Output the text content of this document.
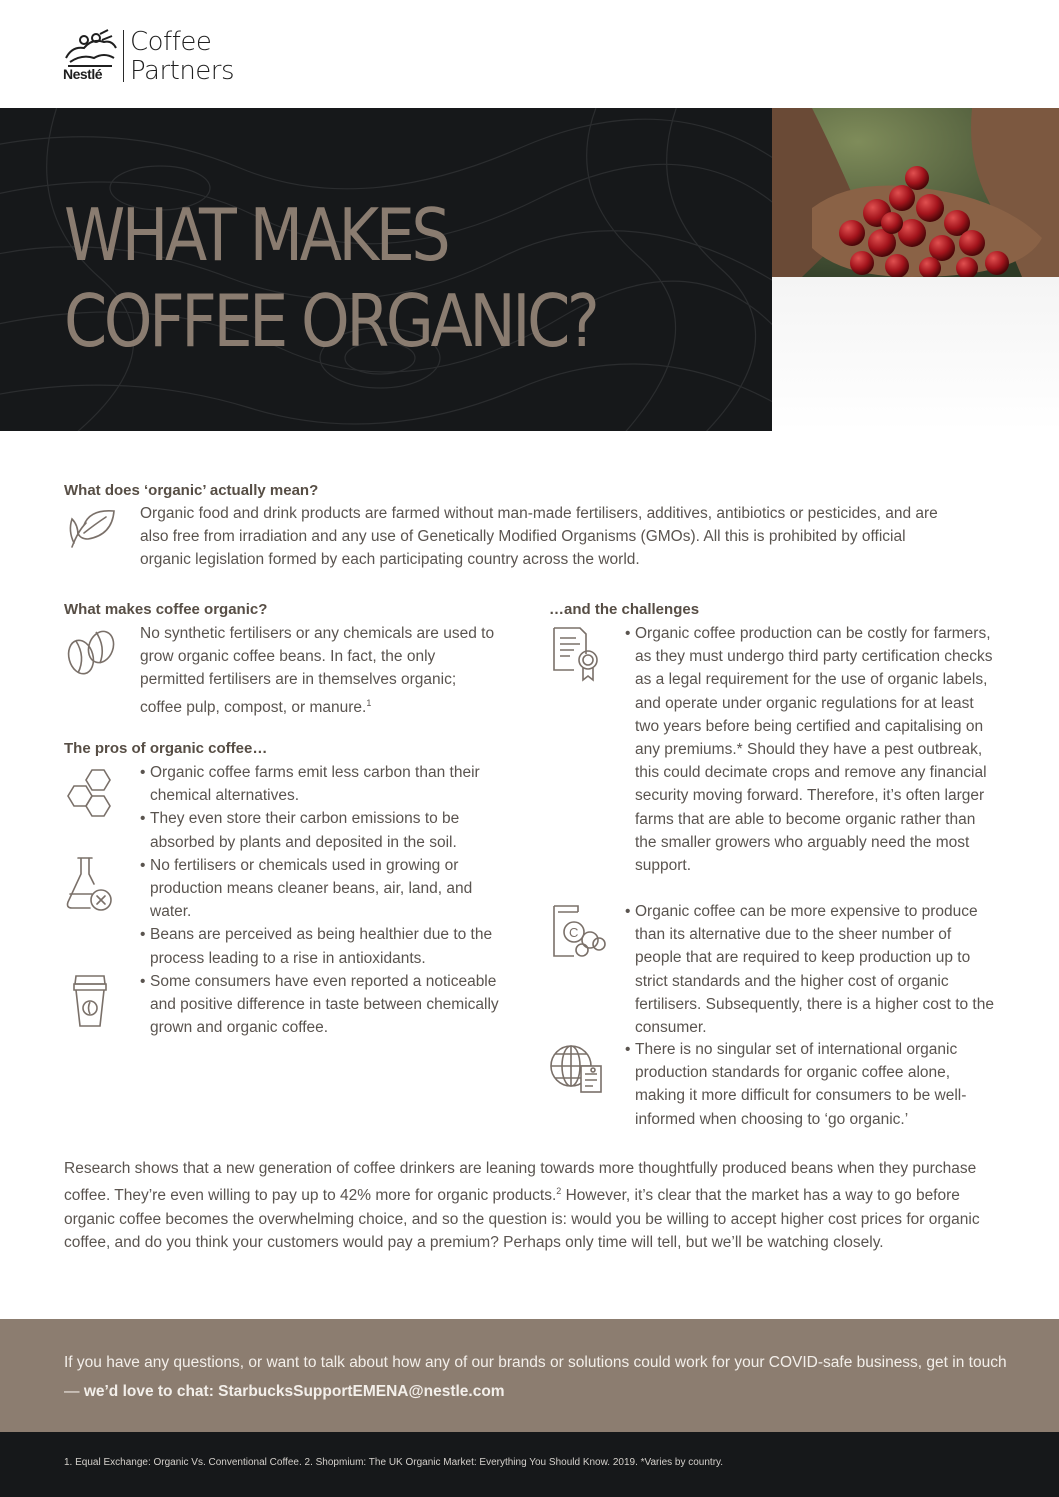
Nestlé
Coffee
Partners
WHAT MAKES
COFFEE ORGANIC?
What does ‘organic’ actually mean?
Organic food and drink products are farmed without man-made fertilisers, additives, antibiotics or pesticides, and are also free from irradiation and any use of Genetically Modified Organisms (GMOs). All this is prohibited by official organic legislation formed by each participating country across the world.
What makes coffee organic?
No synthetic fertilisers or any chemicals are used to grow organic coffee beans. In fact, the only permitted fertilisers are in themselves organic; coffee pulp, compost, or manure.$^1$
The pros of organic coffee…
• Organic coffee farms emit less carbon than their chemical alternatives.
• They even store their carbon emissions to be absorbed by plants and deposited in the soil.
• No fertilisers or chemicals used in growing or production means cleaner beans, air, land, and water.
• Beans are perceived as being healthier due to the process leading to a rise in antioxidants.
• Some consumers have even reported a noticeable and positive difference in taste between chemically grown and organic coffee.
…and the challenges
• Organic coffee production can be costly for farmers, as they must undergo third party certification checks as a legal requirement for the use of organic labels, and operate under organic regulations for at least two years before being certified and capitalising on any premiums.* Should they have a pest outbreak, this could decimate crops and remove any financial security moving forward. Therefore, it’s often larger farms that are able to become organic rather than the smaller growers who arguably need the most support.
C
• Organic coffee can be more expensive to produce than its alternative due to the sheer number of people that are required to keep production up to strict standards and the higher cost of organic fertilisers. Subsequently, there is a higher cost to the consumer.
• There is no singular set of international organic production standards for organic coffee alone, making it more difficult for consumers to be well-informed when choosing to ‘go organic.’
Research shows that a new generation of coffee drinkers are leaning towards more thoughtfully produced beans when they purchase coffee. They’re even willing to pay up to 42% more for organic products.$^2$ However, it’s clear that the market has a way to go before organic coffee becomes the overwhelming choice, and so the question is: would you be willing to accept higher cost prices for organic coffee, and do you think your customers would pay a premium? Perhaps only time will tell, but we’ll be watching closely.
If you have any questions, or want to talk about how any of our brands or solutions could work for your COVID-safe business, get in touch — we’d love to chat: StarbucksSupportEMENA@nestle.com
1. Equal Exchange: Organic Vs. Conventional Coffee. 2. Shopmium: The UK Organic Market: Everything You Should Know. 2019. *Varies by country.
